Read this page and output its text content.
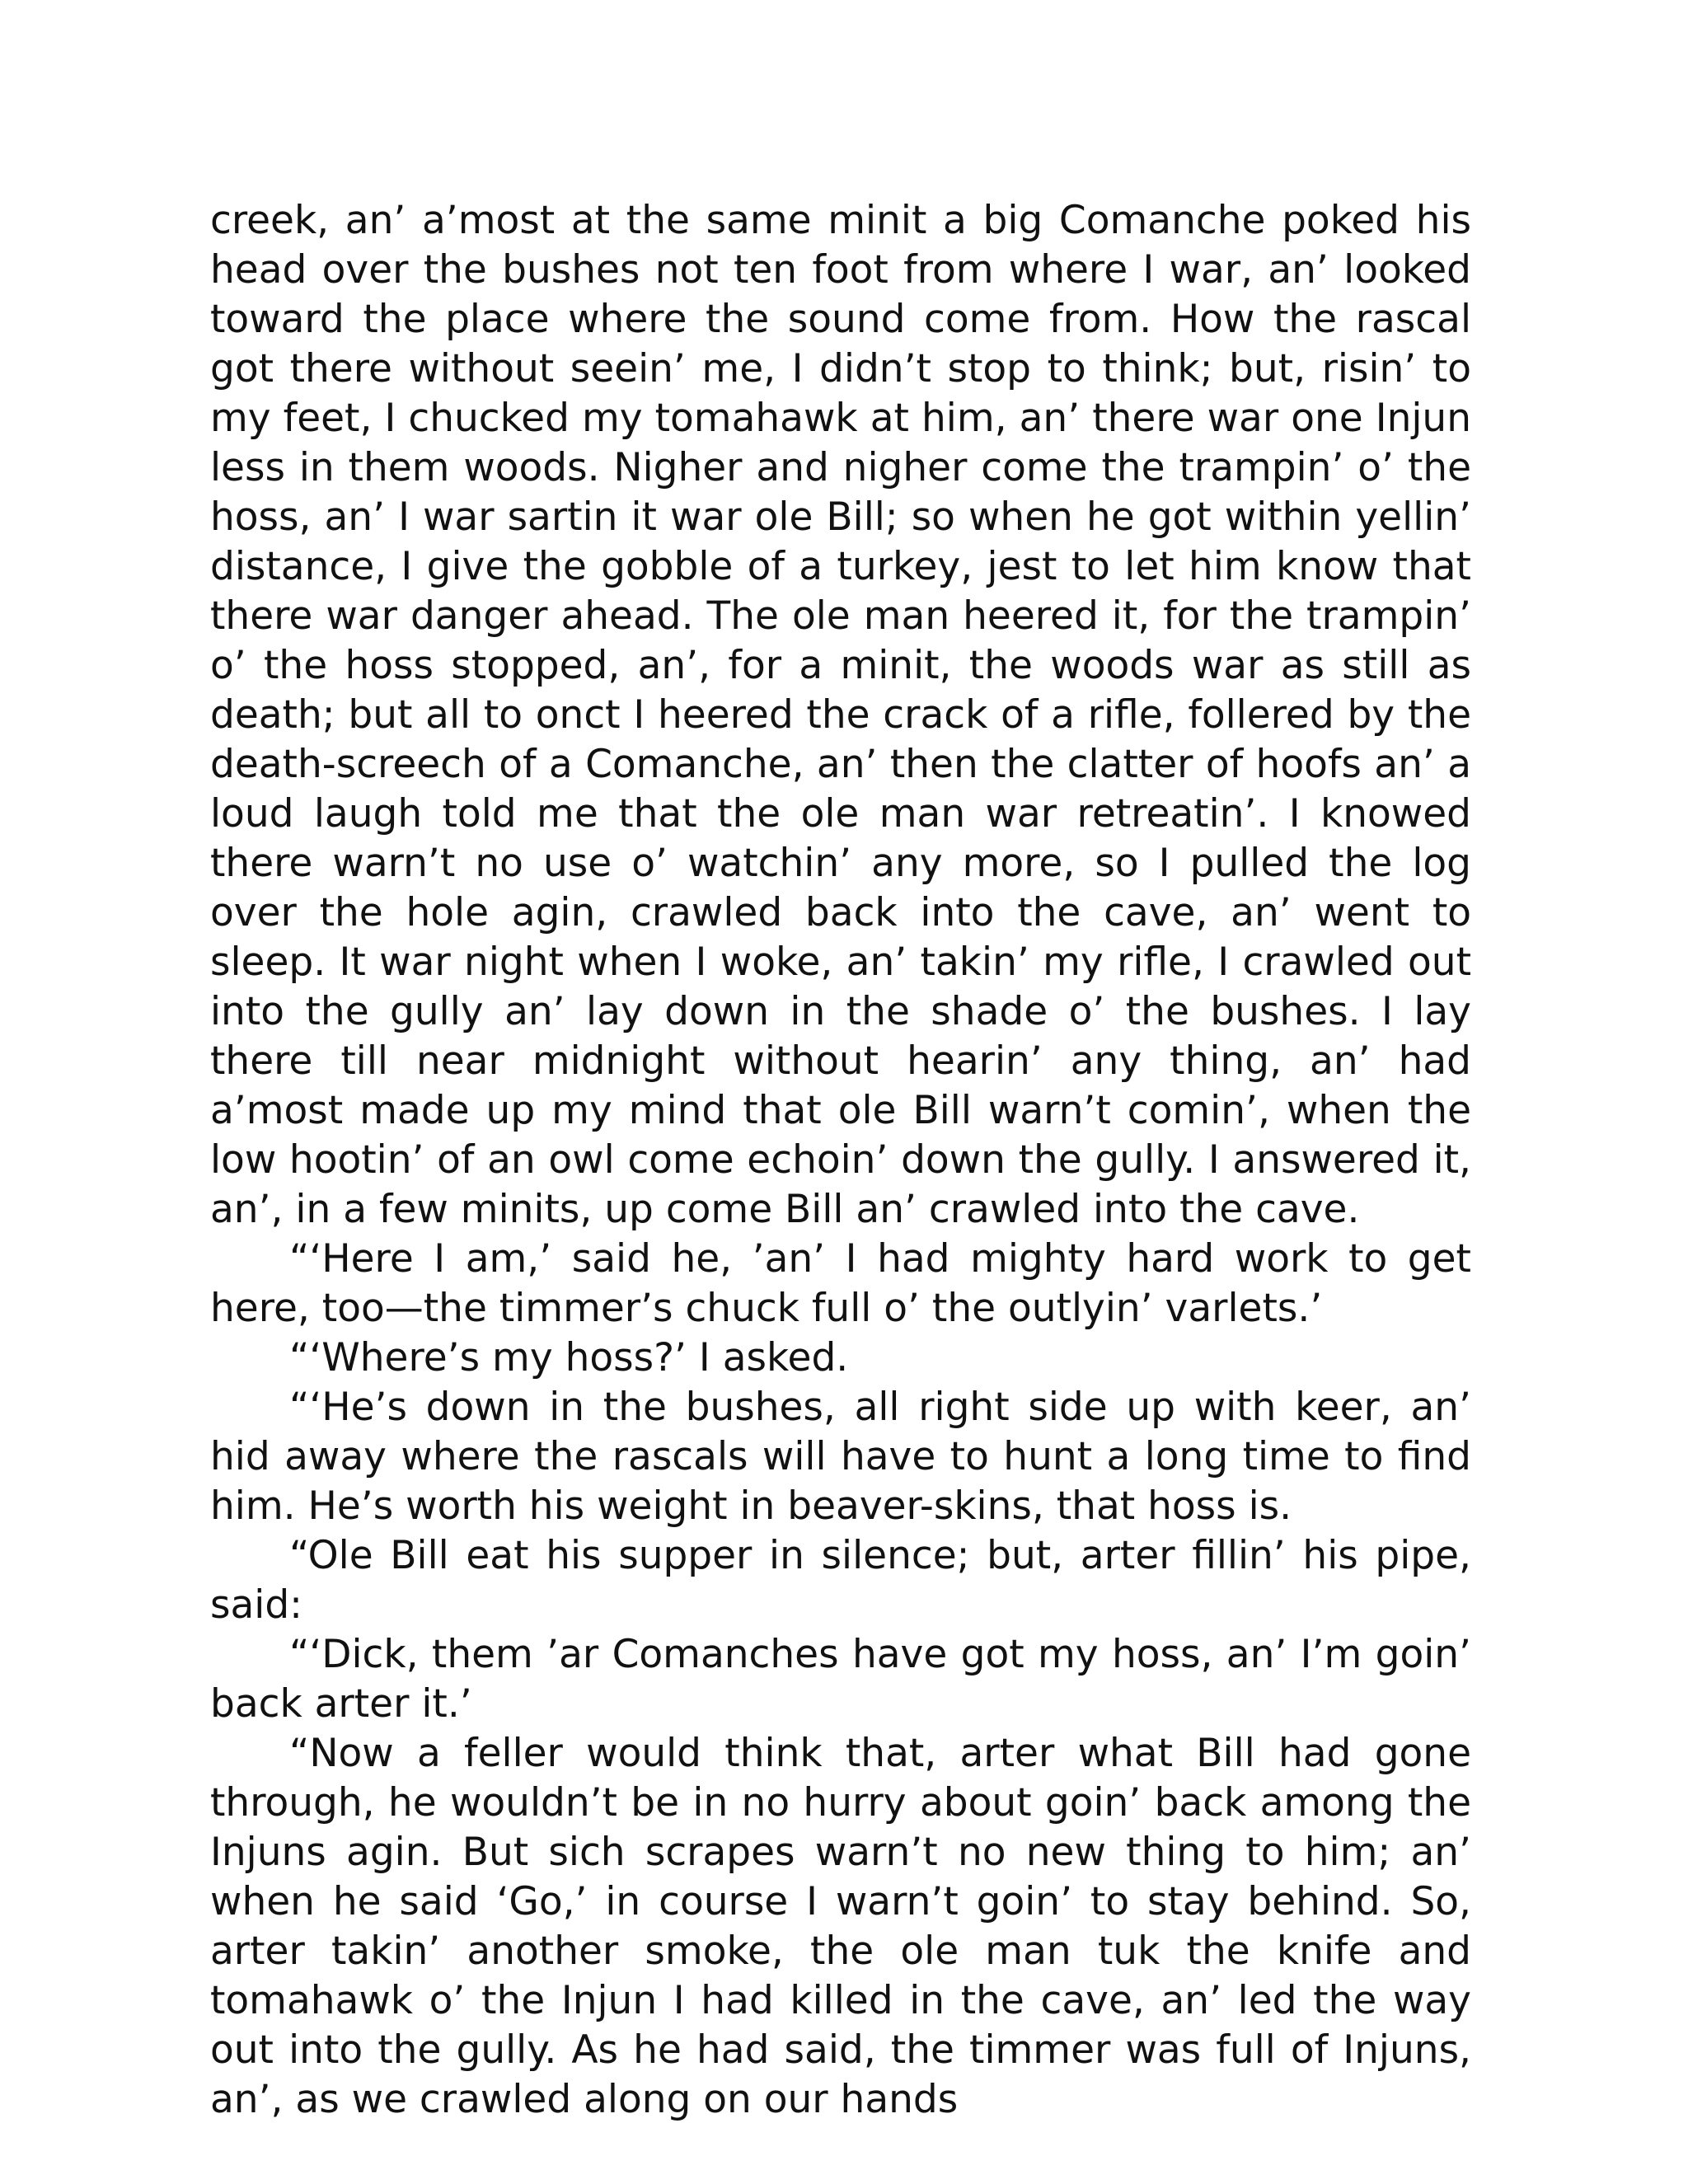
creek, an’ a’most at the same minit a big Comanche poked his head over the bushes not ten foot from where I war, an’ looked toward the place where the sound come from. How the rascal got there without seein’ me, I didn’t stop to think; but, risin’ to my feet, I chucked my tomahawk at him, an’ there war one Injun less in them woods. Nigher and nigher come the trampin’ o’ the hoss, an’ I war sartin it war ole Bill; so when he got within yellin’ distance, I give the gobble of a turkey, jest to let him know that there war danger ahead. The ole man heered it, for the trampin’ o’ the hoss stopped, an’, for a minit, the woods war as still as death; but all to onct I heered the crack of a rifle, follered by the death-screech of a Comanche, an’ then the clatter of hoofs an’ a loud laugh told me that the ole man war retreatin’. I knowed there warn’t no use o’ watchin’ any more, so I pulled the log over the hole agin, crawled back into the cave, an’ went to sleep. It war night when I woke, an’ takin’ my rifle, I crawled out into the gully an’ lay down in the shade o’ the bushes. I lay there till near midnight without hearin’ any thing, an’ had a’most made up my mind that ole Bill warn’t comin’, when the low hootin’ of an owl come echoin’ down the gully. I answered it, an’, in a few minits, up come Bill an’ crawled into the cave.

“‘Here I am,’ said he, ’an’ I had mighty hard work to get here, too—the timmer’s chuck full o’ the outlyin’ varlets.’

“‘Where’s my hoss?’ I asked.

“‘He’s down in the bushes, all right side up with keer, an’ hid away where the rascals will have to hunt a long time to find him. He’s worth his weight in beaver-skins, that hoss is.

“Ole Bill eat his supper in silence; but, arter fillin’ his pipe, said:

“‘Dick, them ’ar Comanches have got my hoss, an’ I’m goin’ back arter it.’

“Now a feller would think that, arter what Bill had gone through, he wouldn’t be in no hurry about goin’ back among the Injuns agin. But sich scrapes warn’t no new thing to him; an’ when he said ‘Go,’ in course I warn’t goin’ to stay behind. So, arter takin’ another smoke, the ole man tuk the knife and tomahawk o’ the Injun I had killed in the cave, an’ led the way out into the gully. As he had said, the timmer was full of Injuns, an’, as we crawled along on our hands
